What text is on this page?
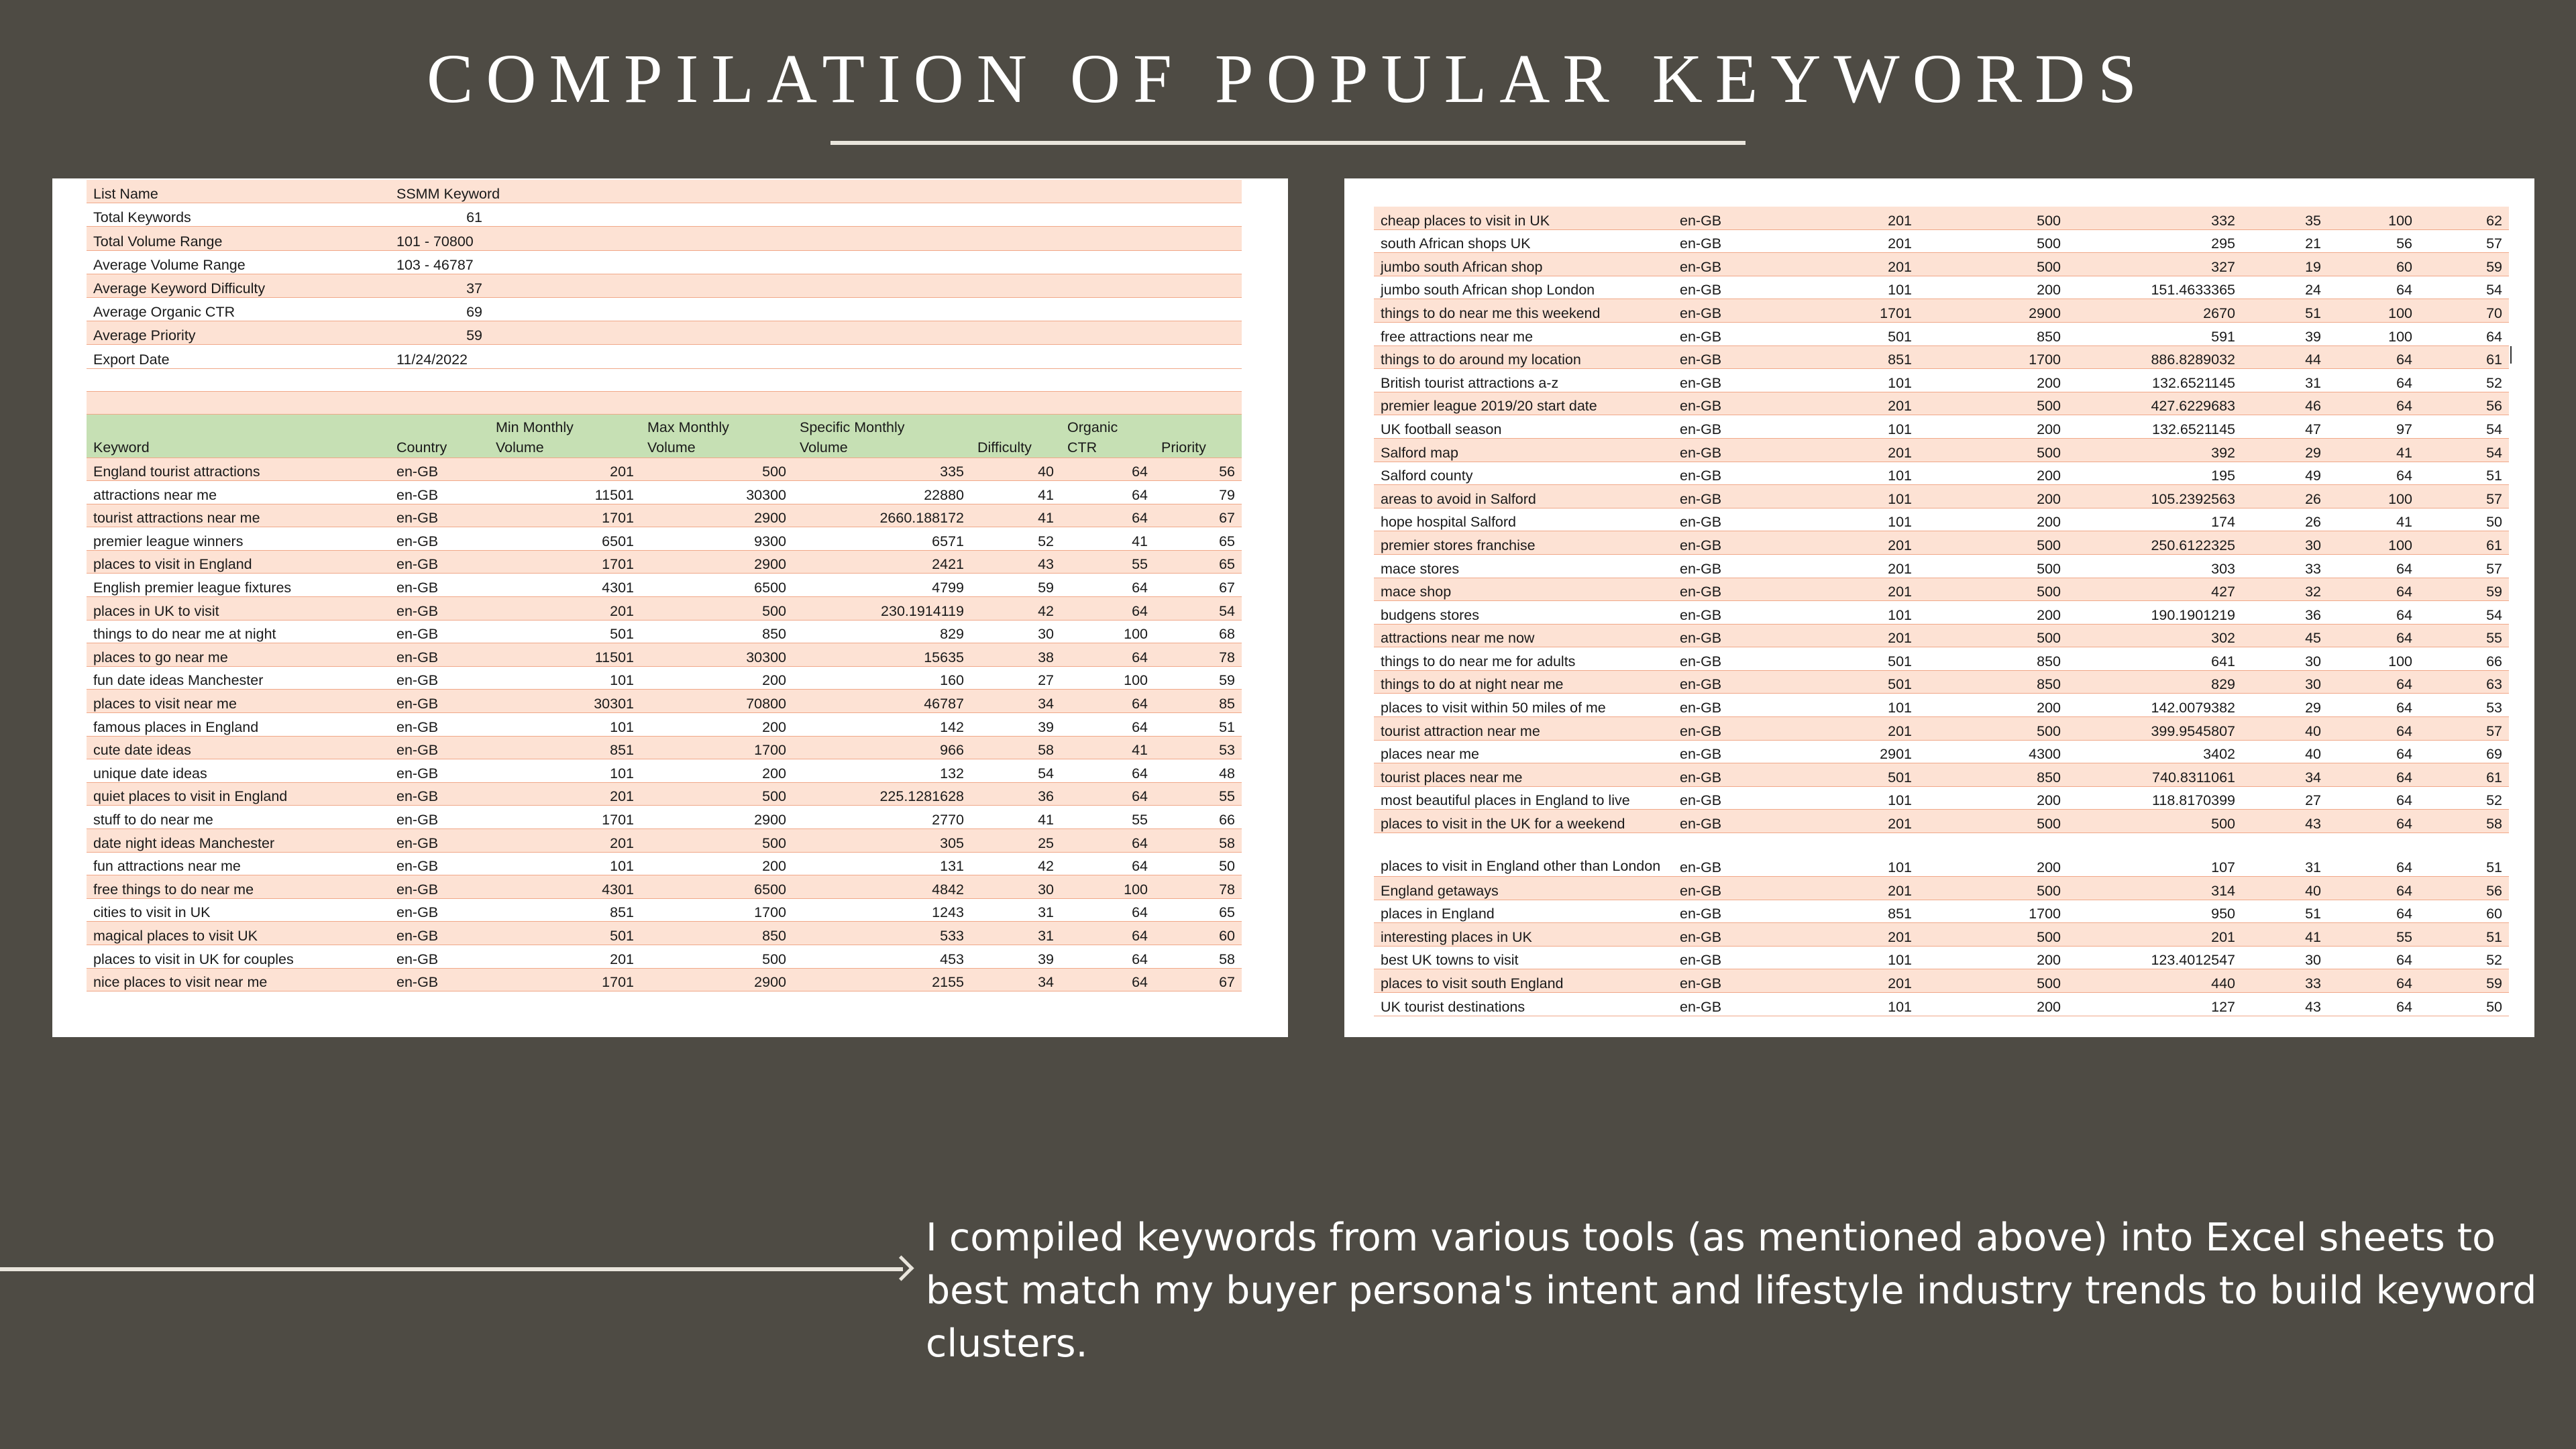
COMPILATION OF POPULAR KEYWORDS
List Name	SSMM Keyword						
Total Keywords	61						
Total Volume Range	101 - 70800						
Average Volume Range	103 - 46787						
Average Keyword Difficulty	37						
Average Organic CTR	69						
Average Priority	59						
Export Date	11/24/2022						

Keyword	Country	Min Monthly Volume	Max Monthly Volume	Specific Monthly Volume	Difficulty	Organic CTR	Priority

England tourist attractions	en-GB	201	500	335	40	64	56
attractions near me	en-GB	11501	30300	22880	41	64	79
tourist attractions near me	en-GB	1701	2900	2660.188172	41	64	67
premier league winners	en-GB	6501	9300	6571	52	41	65
places to visit in England	en-GB	1701	2900	2421	43	55	65
English premier league fixtures	en-GB	4301	6500	4799	59	64	67
places in UK to visit	en-GB	201	500	230.1914119	42	64	54
things to do near me at night	en-GB	501	850	829	30	100	68
places to go near me	en-GB	11501	30300	15635	38	64	78
fun date ideas Manchester	en-GB	101	200	160	27	100	59
places to visit near me	en-GB	30301	70800	46787	34	64	85
famous places in England	en-GB	101	200	142	39	64	51
cute date ideas	en-GB	851	1700	966	58	41	53
unique date ideas	en-GB	101	200	132	54	64	48
quiet places to visit in England	en-GB	201	500	225.1281628	36	64	55
stuff to do near me	en-GB	1701	2900	2770	41	55	66
date night ideas Manchester	en-GB	201	500	305	25	64	58
fun attractions near me	en-GB	101	200	131	42	64	50
free things to do near me	en-GB	4301	6500	4842	30	100	78
cities to visit in UK	en-GB	851	1700	1243	31	64	65
magical places to visit UK	en-GB	501	850	533	31	64	60
places to visit in UK for couples	en-GB	201	500	453	39	64	58
nice places to visit near me	en-GB	1701	2900	2155	34	64	67
cheap places to visit in UK	en-GB	201	500	332	35	100	62
south African shops UK	en-GB	201	500	295	21	56	57
jumbo south African shop	en-GB	201	500	327	19	60	59
jumbo south African shop London	en-GB	101	200	151.4633365	24	64	54
things to do near me this weekend	en-GB	1701	2900	2670	51	100	70
free attractions near me	en-GB	501	850	591	39	100	64
things to do around my location	en-GB	851	1700	886.8289032	44	64	61
British tourist attractions a-z	en-GB	101	200	132.6521145	31	64	52
premier league 2019/20 start date	en-GB	201	500	427.6229683	46	64	56
UK football season	en-GB	101	200	132.6521145	47	97	54
Salford map	en-GB	201	500	392	29	41	54
Salford county	en-GB	101	200	195	49	64	51
areas to avoid in Salford	en-GB	101	200	105.2392563	26	100	57
hope hospital Salford	en-GB	101	200	174	26	41	50
premier stores franchise	en-GB	201	500	250.6122325	30	100	61
mace stores	en-GB	201	500	303	33	64	57
mace shop	en-GB	201	500	427	32	64	59
budgens stores	en-GB	101	200	190.1901219	36	64	54
attractions near me now	en-GB	201	500	302	45	64	55
things to do near me for adults	en-GB	501	850	641	30	100	66
things to do at night near me	en-GB	501	850	829	30	64	63
places to visit within 50 miles of me	en-GB	101	200	142.0079382	29	64	53
tourist attraction near me	en-GB	201	500	399.9545807	40	64	57
places near me	en-GB	2901	4300	3402	40	64	69
tourist places near me	en-GB	501	850	740.8311061	34	64	61
most beautiful places in England to live	en-GB	101	200	118.8170399	27	64	52
places to visit in the UK for a weekend	en-GB	201	500	500	43	64	58
places to visit in England other than London	en-GB	101	200	107	31	64	51
England getaways	en-GB	201	500	314	40	64	56
places in England	en-GB	851	1700	950	51	64	60
interesting places in UK	en-GB	201	500	201	41	55	51
best UK towns to visit	en-GB	101	200	123.4012547	30	64	52
places to visit south England	en-GB	201	500	440	33	64	59
UK tourist destinations	en-GB	101	200	127	43	64	50

I compiled keywords from various tools (as mentioned above) into Excel sheets to best match my buyer persona's intent and lifestyle industry trends to build keyword clusters.
